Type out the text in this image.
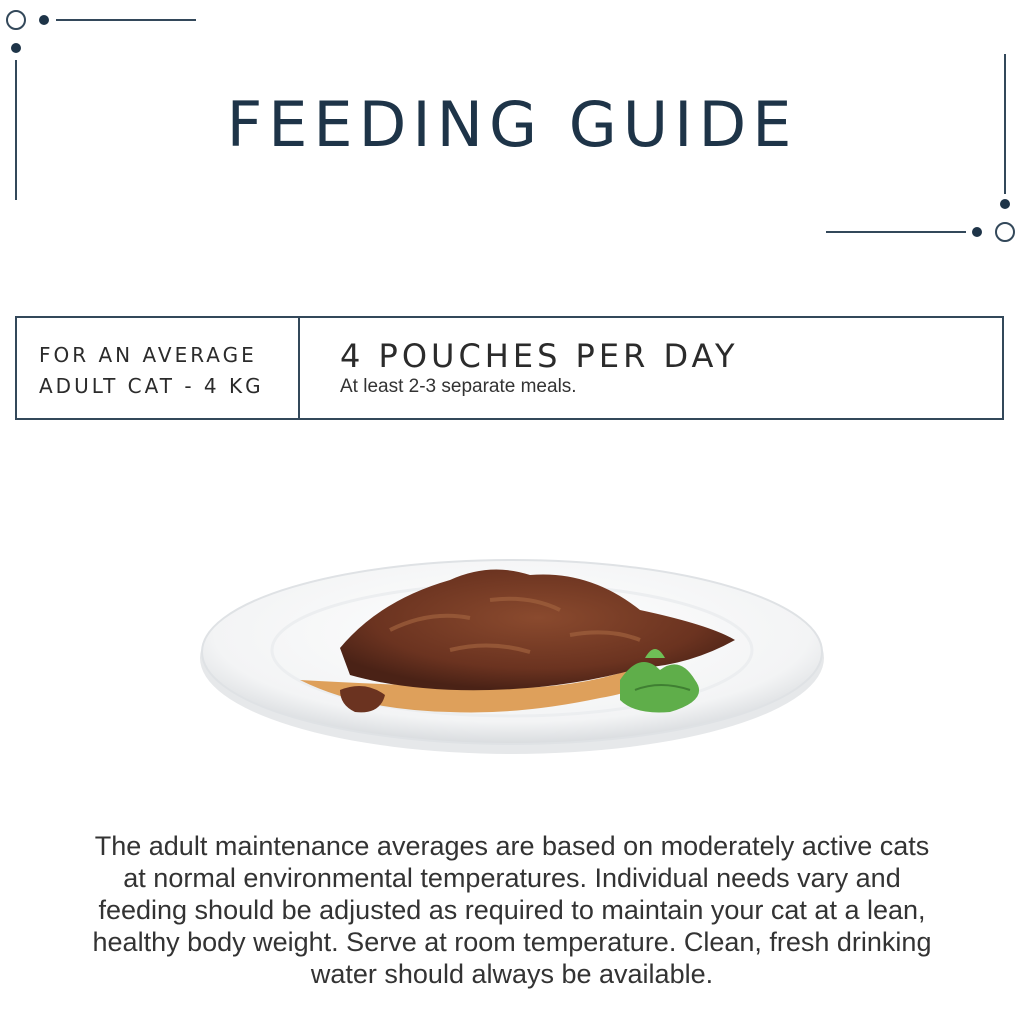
FEEDING GUIDE
FOR AN AVERAGE
ADULT CAT - 4 KG
4 POUCHES PER DAY
At least 2-3 separate meals.

The adult maintenance averages are based on moderately active cats at normal environmental temperatures. Individual needs vary and feeding should be adjusted as required to maintain your cat at a lean, healthy body weight. Serve at room temperature. Clean, fresh drinking water should always be available.
